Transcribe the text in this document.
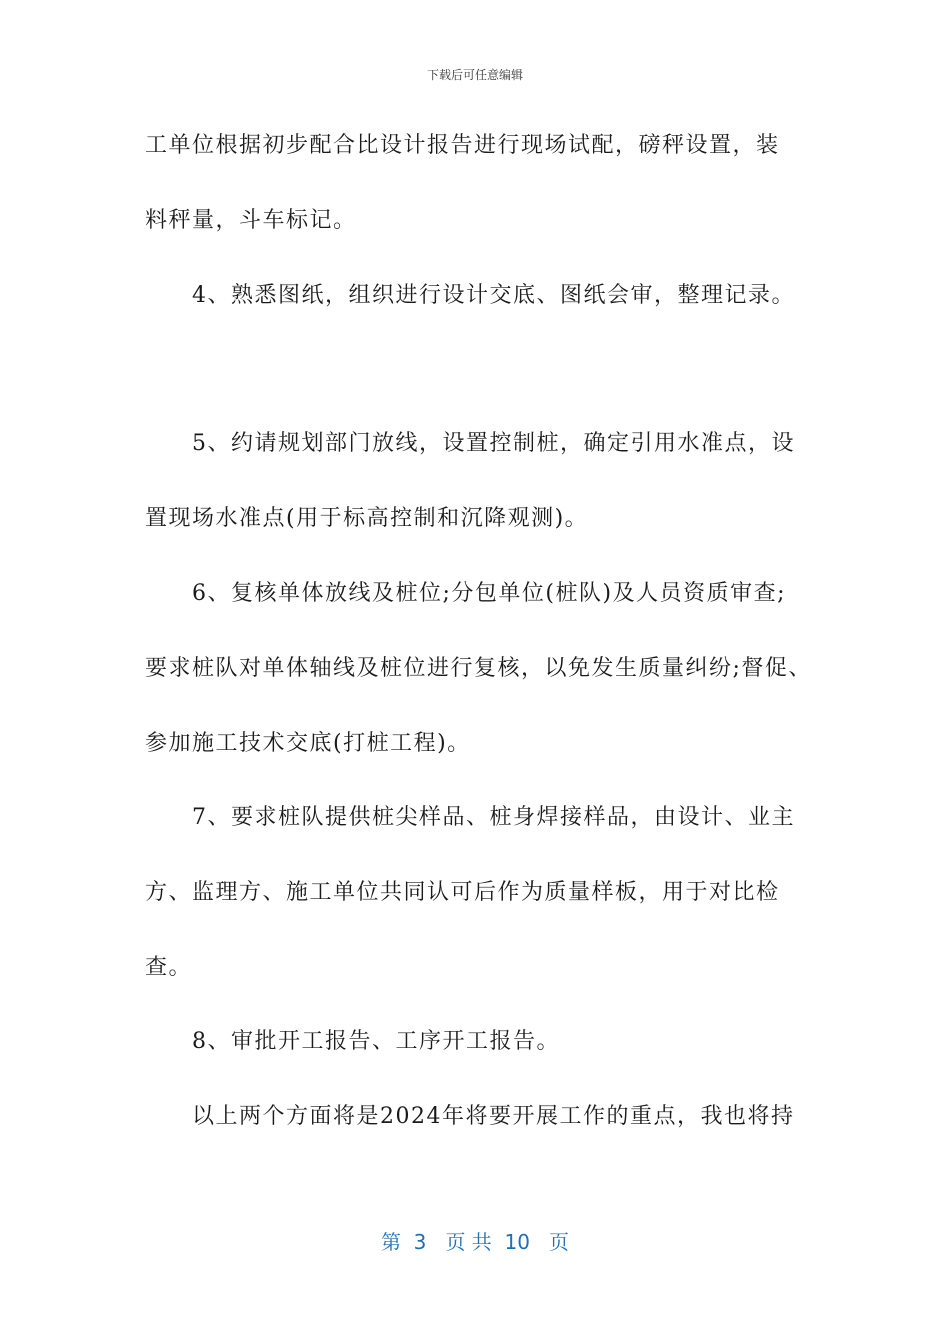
下载后可任意编辑
工单位根据初步配合比设计报告进行现场试配，磅秤设置，装
料秤量，斗车标记。
4、熟悉图纸，组织进行设计交底、图纸会审，整理记录。
5、约请规划部门放线，设置控制桩，确定引用水准点，设
置现场水准点(用于标高控制和沉降观测)。
6、复核单体放线及桩位;分包单位(桩队)及人员资质审查;
要求桩队对单体轴线及桩位进行复核，以免发生质量纠纷;督促、
参加施工技术交底(打桩工程)。
7、要求桩队提供桩尖样品、桩身焊接样品，由设计、业主
方、监理方、施工单位共同认可后作为质量样板，用于对比检
查。
8、审批开工报告、工序开工报告。
以上两个方面将是2024年将要开展工作的重点，我也将持
第  3   页 共  10   页
